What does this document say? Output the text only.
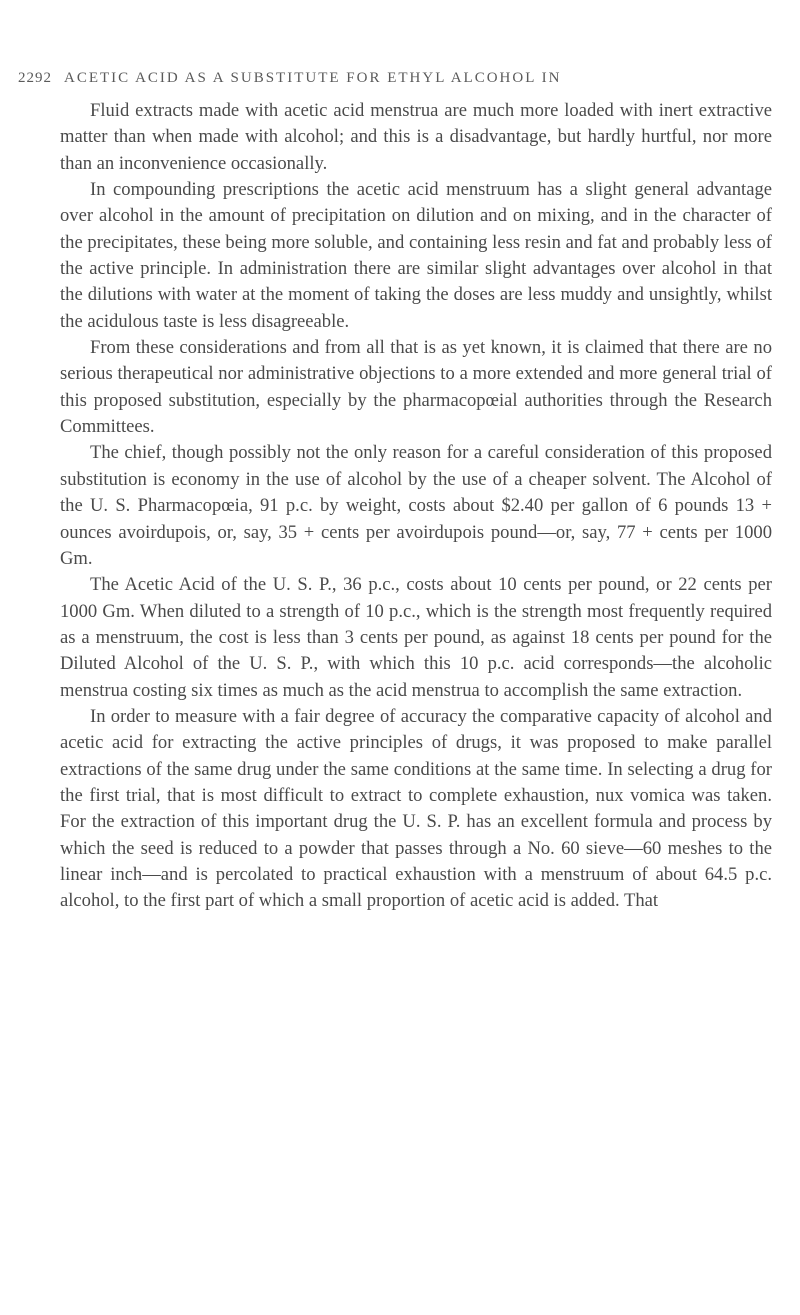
2292 ACETIC ACID AS A SUBSTITUTE FOR ETHYL ALCOHOL IN

Fluid extracts made with acetic acid menstrua are much more loaded with inert extractive matter than when made with alcohol; and this is a disadvantage, but hardly hurtful, nor more than an inconvenience occasionally.

In compounding prescriptions the acetic acid menstruum has a slight general advantage over alcohol in the amount of precipitation on dilution and on mixing, and in the character of the precipitates, these being more soluble, and containing less resin and fat and probably less of the active principle. In administration there are similar slight advantages over alcohol in that the dilutions with water at the moment of taking the doses are less muddy and unsightly, whilst the acidulous taste is less disagreeable.

From these considerations and from all that is as yet known, it is claimed that there are no serious therapeutical nor administrative objections to a more extended and more general trial of this proposed substitution, especially by the pharmacopœial authorities through the Research Committees.

The chief, though possibly not the only reason for a careful consideration of this proposed substitution is economy in the use of alcohol by the use of a cheaper solvent. The Alcohol of the U. S. Pharmacopœia, 91 p.c. by weight, costs about $2.40 per gallon of 6 pounds 13 + ounces avoirdupois, or, say, 35 + cents per avoirdupois pound—or, say, 77 + cents per 1000 Gm.

The Acetic Acid of the U. S. P., 36 p.c., costs about 10 cents per pound, or 22 cents per 1000 Gm. When diluted to a strength of 10 p.c., which is the strength most frequently required as a menstruum, the cost is less than 3 cents per pound, as against 18 cents per pound for the Diluted Alcohol of the U. S. P., with which this 10 p.c. acid corresponds—the alcoholic menstrua costing six times as much as the acid menstrua to accomplish the same extraction.

In order to measure with a fair degree of accuracy the comparative capacity of alcohol and acetic acid for extracting the active principles of drugs, it was proposed to make parallel extractions of the same drug under the same conditions at the same time. In selecting a drug for the first trial, that is most difficult to extract to complete exhaustion, nux vomica was taken. For the extraction of this important drug the U. S. P. has an excellent formula and process by which the seed is reduced to a powder that passes through a No. 60 sieve—60 meshes to the linear inch—and is percolated to practical exhaustion with a menstruum of about 64.5 p.c. alcohol, to the first part of which a small proportion of acetic acid is added. That
